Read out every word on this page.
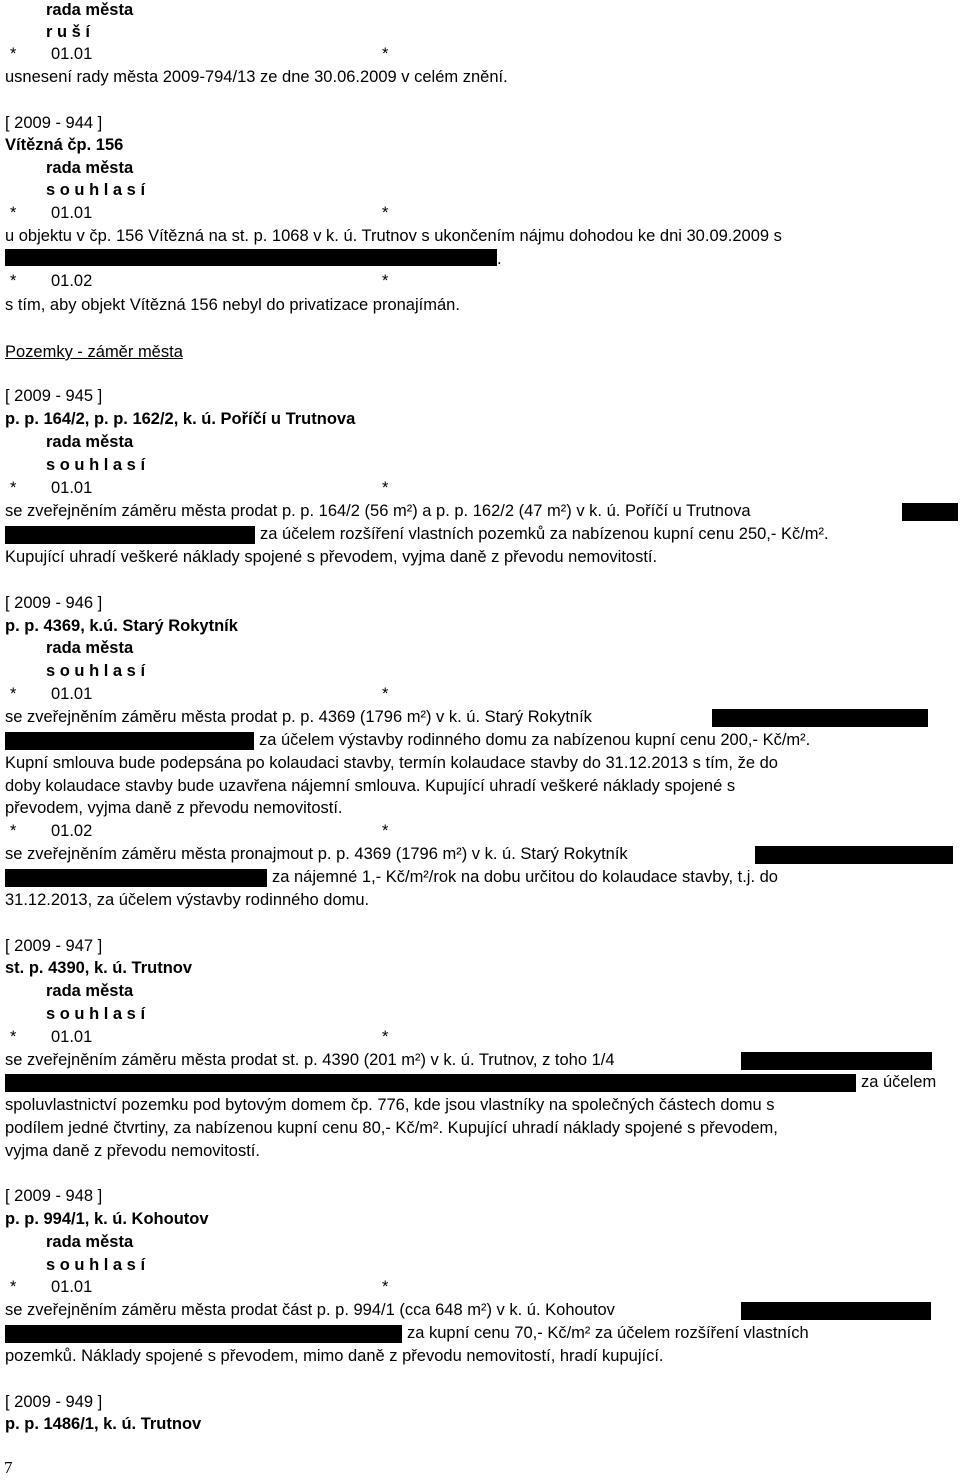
rada města
r u š í
* 01.01	*
usnesení rady města 2009-794/13 ze dne 30.06.2009 v celém znění.
[ 2009 - 944 ]
Vítězná čp. 156
rada města
s o u h l a s í
* 01.01	*
u objektu v čp. 156 Vítězná na st. p. 1068 v k. ú. Trutnov s ukončením nájmu dohodou ke dni 30.09.2009 s
.
* 01.02	*
s tím, aby objekt Vítězná 156 nebyl do privatizace pronajímán.
Pozemky - záměr města
[ 2009 - 945 ]
p. p. 164/2, p. p. 162/2, k. ú. Poříčí u Trutnova
rada města
s o u h l a s í
* 01.01	*
se zveřejněním záměru města prodat p. p. 164/2 (56 m²) a p. p. 162/2 (47 m²) v k. ú. Poříčí u Trutnova
za účelem rozšíření vlastních pozemků za nabízenou kupní cenu 250,- Kč/m².
Kupující uhradí veškeré náklady spojené s převodem, vyjma daně z převodu nemovitostí.
[ 2009 - 946 ]
p. p. 4369, k.ú. Starý Rokytník
rada města
s o u h l a s í
* 01.01	*
se zveřejněním záměru města prodat p. p. 4369 (1796 m²) v k. ú. Starý Rokytník
za účelem výstavby rodinného domu za nabízenou kupní cenu 200,- Kč/m².
Kupní smlouva bude podepsána po kolaudaci stavby, termín kolaudace stavby do 31.12.2013 s tím, že do
doby kolaudace stavby bude uzavřena nájemní smlouva. Kupující uhradí veškeré náklady spojené s
převodem, vyjma daně z převodu nemovitostí.
* 01.02	*
se zveřejněním záměru města pronajmout p. p. 4369 (1796 m²) v k. ú. Starý Rokytník
za nájemné 1,- Kč/m²/rok na dobu určitou do kolaudace stavby, t.j. do
31.12.2013, za účelem výstavby rodinného domu.
[ 2009 - 947 ]
st. p. 4390, k. ú. Trutnov
rada města
s o u h l a s í
* 01.01	*
se zveřejněním záměru města prodat st. p. 4390 (201 m²) v k. ú. Trutnov, z toho 1/4
za účelem
spoluvlastnictví pozemku pod bytovým domem čp. 776, kde jsou vlastníky na společných částech domu s
podílem jedné čtvrtiny, za nabízenou kupní cenu 80,- Kč/m². Kupující uhradí náklady spojené s převodem,
vyjma daně z převodu nemovitostí.
[ 2009 - 948 ]
p. p. 994/1, k. ú. Kohoutov
rada města
s o u h l a s í
* 01.01	*
se zveřejněním záměru města prodat část p. p. 994/1 (cca 648 m²) v k. ú. Kohoutov
za kupní cenu 70,- Kč/m² za účelem rozšíření vlastních
pozemků. Náklady spojené s převodem, mimo daně z převodu nemovitostí, hradí kupující.
[ 2009 - 949 ]
p. p. 1486/1, k. ú. Trutnov
7
